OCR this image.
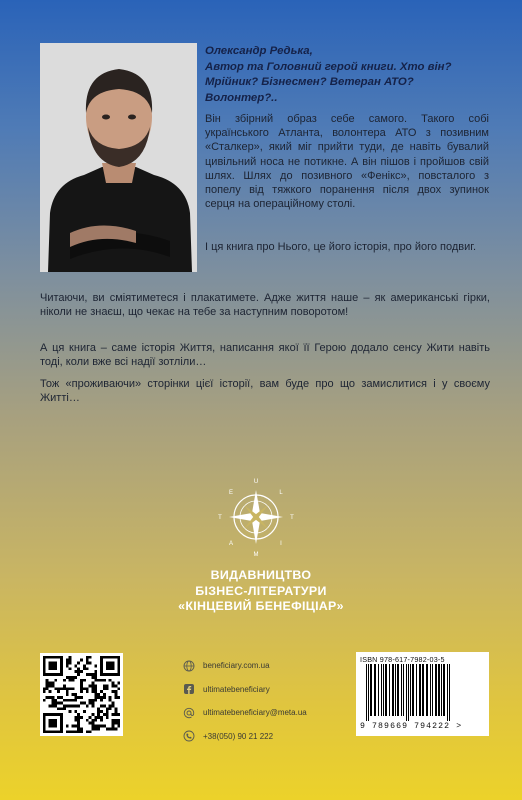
Олександр Редька,
Автор та Головний герой книги. Хто він?
Мрійник? Бізнесмен? Ветеран АТО?
Волонтер?..

Він збірний образ себе самого. Такого собі українського Атланта, волонтера АТО з позивним «Сталкер», який міг прийти туди, де навіть бувалий цивільний носа не потикне. А він пішов і пройшов свій шлях. Шлях до позивного «Фенікс», повсталого з попелу від тяжкого поранення після двох зупинок серця на операційному столі.

І ця книга про Нього, це його історія, про його подвиг.

Читаючи, ви сміятиметеся і плакатимете. Адже життя наше – як американські гірки, ніколи не знаєш, що чекає на тебе за наступним поворотом!

А ця книга – саме історія Життя, написання якої її Герою додало сенсу Жити навіть тоді, коли вже всі надії зотліли…

Тож «проживаючи» сторінки цієї історії, вам буде про що замислитися і у своєму Житті…

U
L
T
I
M
A
T
E
ВИДАВНИЦТВО
БІЗНЕС-ЛІТЕРАТУРИ
«КІНЦЕВИЙ БЕНЕФІЦІАР»
beneficiary.com.ua
ultimatebeneficiary
ultimatebeneficiary@meta.ua
+38(050) 90 21 222
ISBN 978-617-7982-03-5
9 789669 794222 >
